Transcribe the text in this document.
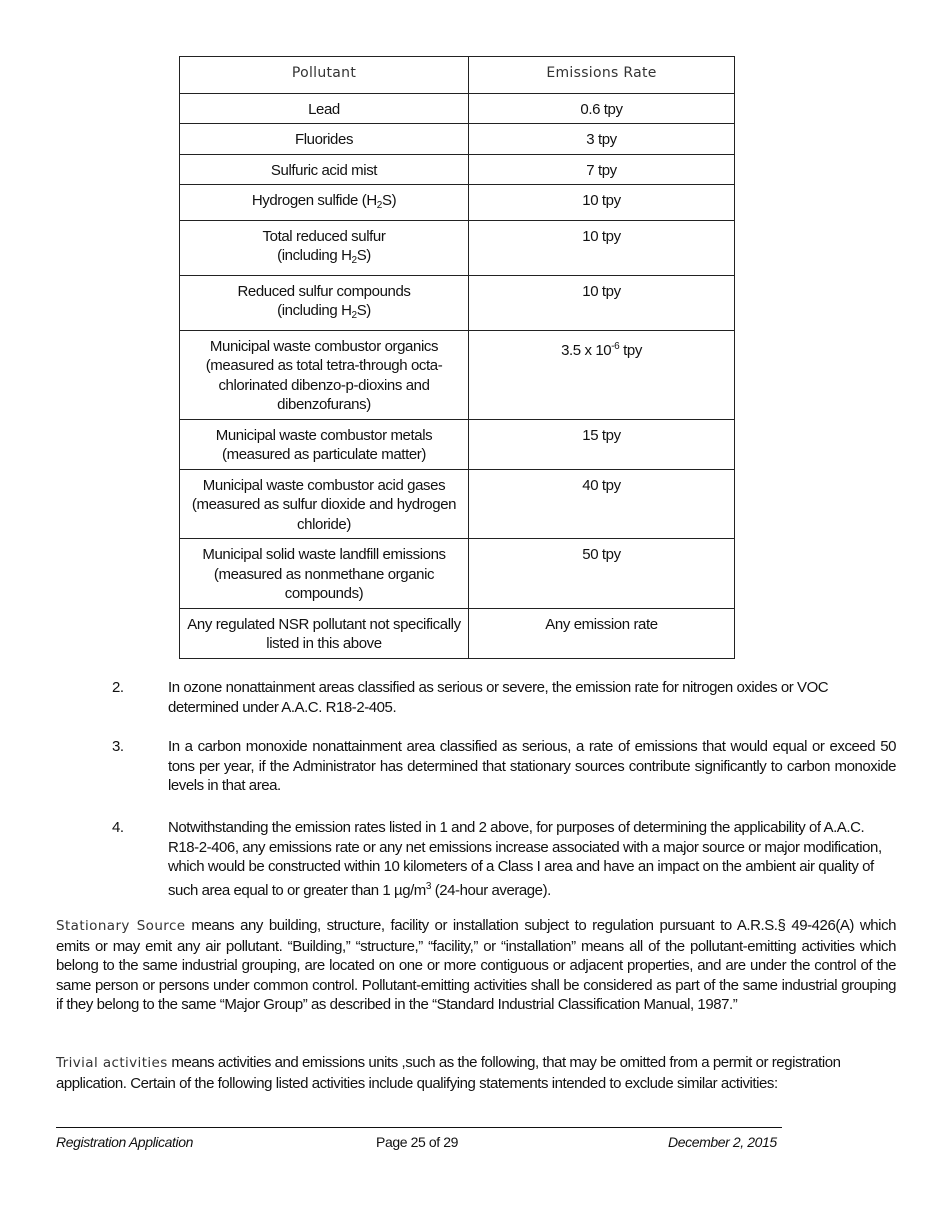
Pollutant	Emissions Rate
Lead	0.6 tpy
Fluorides	3 tpy
Sulfuric acid mist	7 tpy
Hydrogen sulfide $(H_2S)$	10 tpy
Total reduced sulfur
(including $H_2S$)	10 tpy
Reduced sulfur compounds
(including $H_2S$)	10 tpy
Municipal waste combustor organics (measured as total tetra-through octa-chlorinated dibenzo-p-dioxins and dibenzofurans)	3.5 x $10^{-6}$ tpy
Municipal waste combustor metals (measured as particulate matter)	15 tpy
Municipal waste combustor acid gases (measured as sulfur dioxide and hydrogen chloride)	40 tpy
Municipal solid waste landfill emissions (measured as nonmethane organic compounds)	50 tpy
Any regulated NSR pollutant not specifically listed in this above	Any emission rate
2.	In ozone nonattainment areas classified as serious or severe, the emission rate for nitrogen oxides or VOC determined under A.A.C. R18-2-405.
3.	In a carbon monoxide nonattainment area classified as serious, a rate of emissions that would equal or exceed 50 tons per year, if the Administrator has determined that stationary sources contribute significantly to carbon monoxide levels in that area.
4.	Notwithstanding the emission rates listed in 1 and 2 above, for purposes of determining the applicability of A.A.C. R18-2-406, any emissions rate or any net emissions increase associated with a major source or major modification, which would be constructed within 10 kilometers of a Class I area and have an impact on the ambient air quality of such area equal to or greater than 1 $\mu g/m^3$ (24-hour average).
Stationary Source means any building, structure, facility or installation subject to regulation pursuant to A.R.S.§ 49-426(A) which emits or may emit any air pollutant. “Building,” “structure,” “facility,” or “installation” means all of the pollutant-emitting activities which belong to the same industrial grouping, are located on one or more contiguous or adjacent properties, and are under the control of the same person or persons under common control. Pollutant-emitting activities shall be considered as part of the same industrial grouping if they belong to the same “Major Group” as described in the “Standard Industrial Classification Manual, 1987.”
Trivial activities means activities and emissions units ,such as the following, that may be omitted from a permit or registration application. Certain of the following listed activities include qualifying statements intended to exclude similar activities:
Registration Application	Page 25 of 29	December 2, 2015
